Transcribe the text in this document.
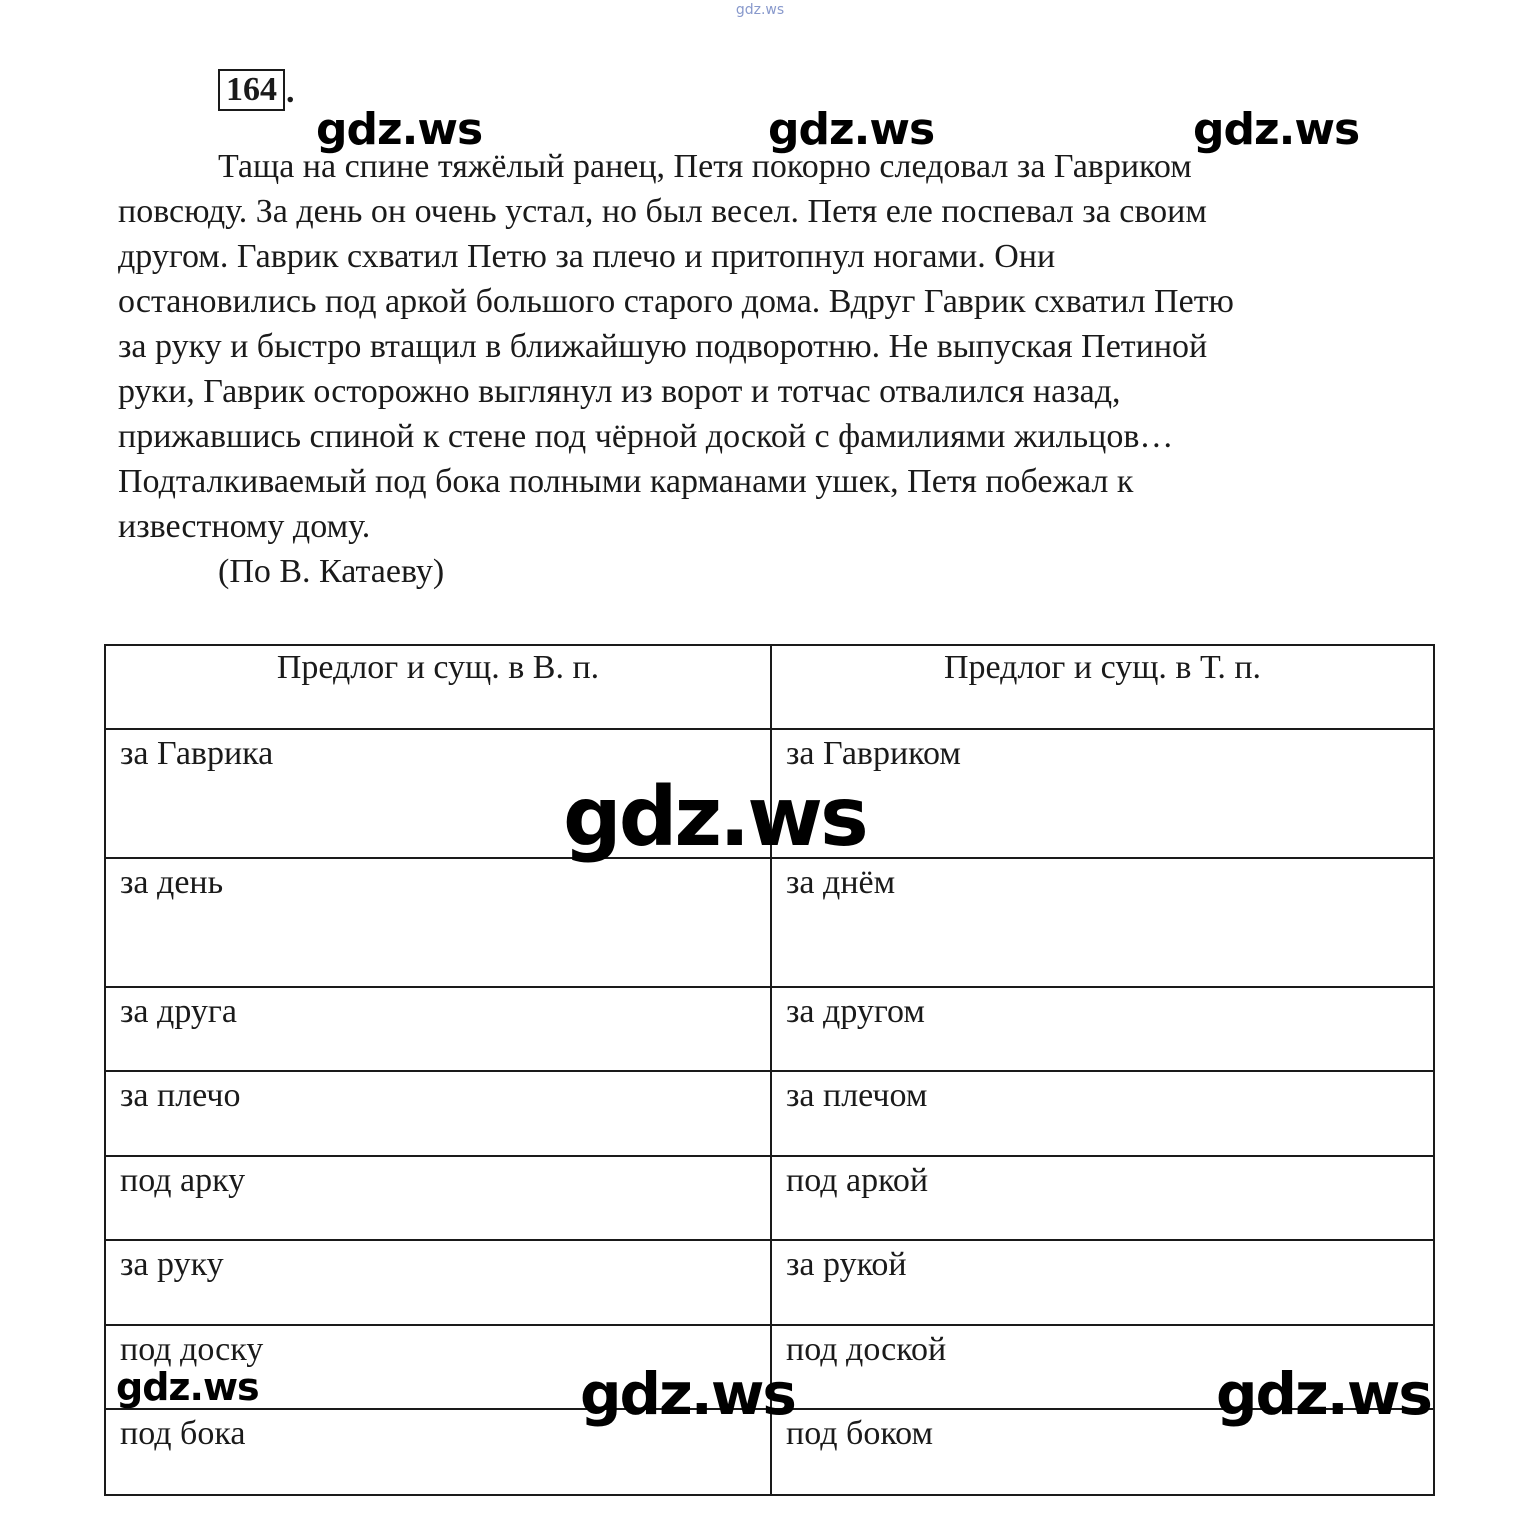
gdz.ws
164 .
gdz.ws	gdz.ws	gdz.ws
Таща на спине тяжёлый ранец, Петя покорно следовал за Гавриком
повсюду. За день он очень устал, но был весел. Петя еле поспевал за своим
другом. Гаврик схватил Петю за плечо и притопнул ногами. Они
остановились под аркой большого старого дома. Вдруг Гаврик схватил Петю
за руку и быстро втащил в ближайшую подворотню. Не выпуская Петиной
руки, Гаврик осторожно выглянул из ворот и тотчас отвалился назад,
прижавшись спиной к стене под чёрной доской с фамилиями жильцов…
Подталкиваемый под бока полными карманами ушек, Петя побежал к
известному дому.
(По В. Катаеву)
Предлог и сущ. в В. п.	Предлог и сущ. в Т. п.
за Гаврика	за Гавриком
за день	за днём
за друга	за другом
за плечо	за плечом
под арку	под аркой
за руку	за рукой
под доску	под доской
под бока	под боком
gdz.ws
gdz.ws	gdz.ws	gdz.ws
